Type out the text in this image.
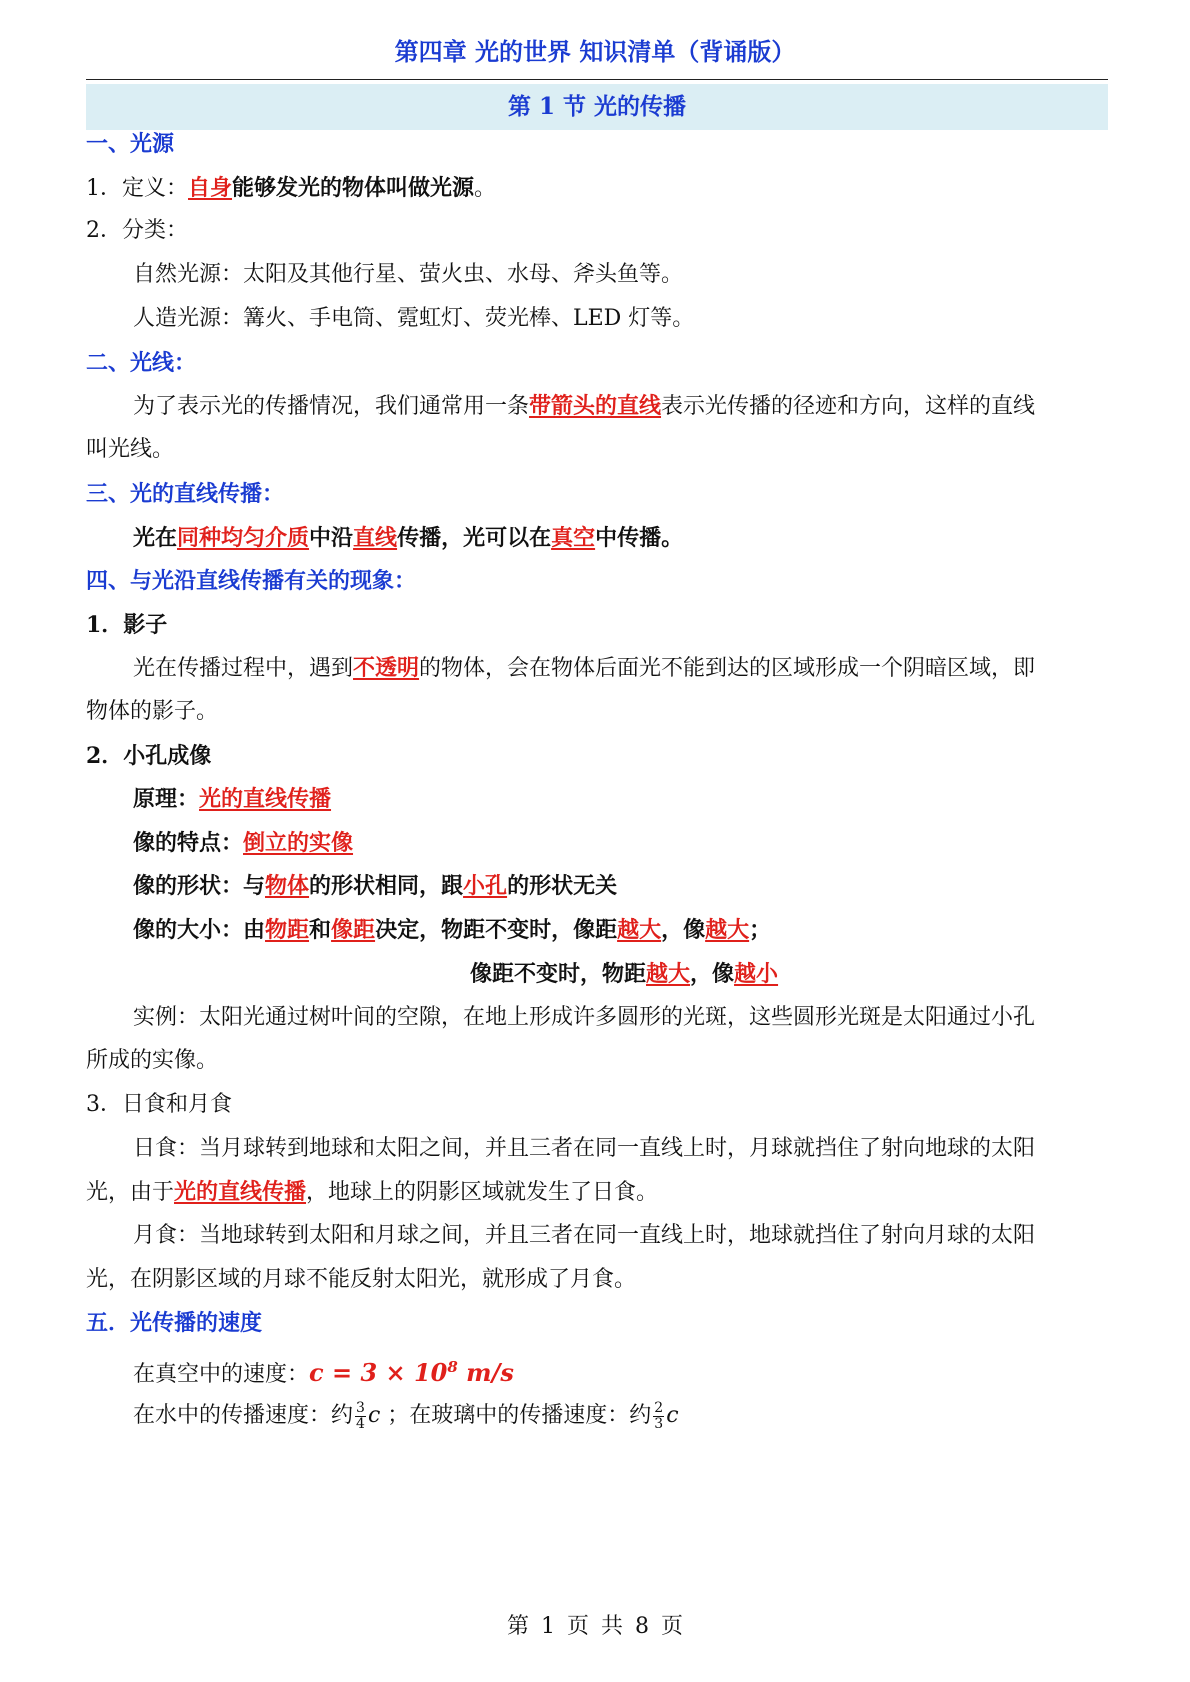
第四章 光的世界 知识清单（背诵版）
第 1 节 光的传播
一、光源
1．定义：自身能够发光的物体叫做光源。
2．分类：
自然光源：太阳及其他行星、萤火虫、水母、斧头鱼等。
人造光源：篝火、手电筒、霓虹灯、荧光棒、LED 灯等。
二、光线：
为了表示光的传播情况，我们通常用一条带箭头的直线表示光传播的径迹和方向，这样的直线
叫光线。
三、光的直线传播：
光在同种均匀介质中沿直线传播，光可以在真空中传播。
四、与光沿直线传播有关的现象：
1．影子
光在传播过程中，遇到不透明的物体，会在物体后面光不能到达的区域形成一个阴暗区域，即
物体的影子。
2．小孔成像
原理：光的直线传播
像的特点：倒立的实像
像的形状：与物体的形状相同，跟小孔的形状无关
像的大小：由物距和像距决定，物距不变时，像距越大，像越大；
像距不变时，物距越大，像越小
实例：太阳光通过树叶间的空隙，在地上形成许多圆形的光斑，这些圆形光斑是太阳通过小孔
所成的实像。
3．日食和月食
日食：当月球转到地球和太阳之间，并且三者在同一直线上时，月球就挡住了射向地球的太阳
光，由于光的直线传播，地球上的阴影区域就发生了日食。
月食：当地球转到太阳和月球之间，并且三者在同一直线上时，地球就挡住了射向月球的太阳
光，在阴影区域的月球不能反射太阳光，就形成了月食。
五．光传播的速度
在真空中的速度：$c = 3 \times 10^8$ m/s
在水中的传播速度：约 $\frac{3}{4}$ c ；在玻璃中的传播速度：约 $\frac{2}{3}$ c
第 1 页 共 8 页
